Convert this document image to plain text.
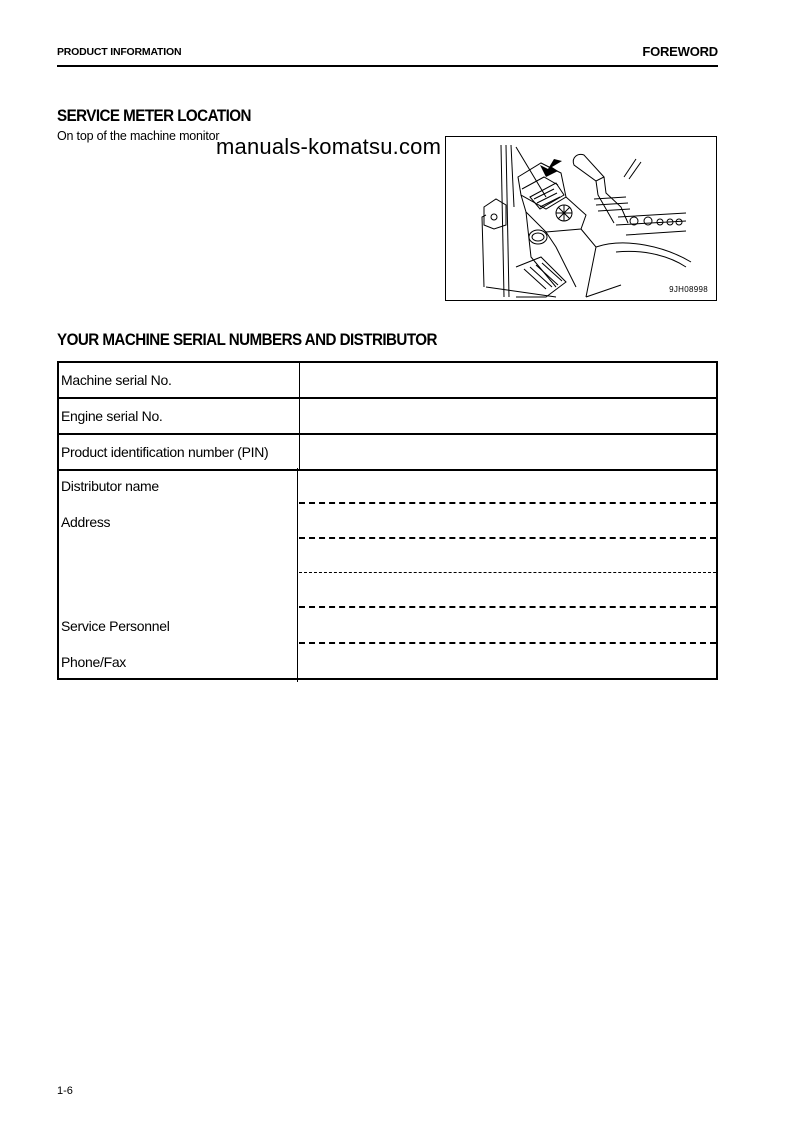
PRODUCT INFORMATION	FOREWORD
SERVICE METER LOCATION
On top of the machine monitor
manuals-komatsu.com
9JH08998
YOUR MACHINE SERIAL NUMBERS AND DISTRIBUTOR
Machine serial No.	
Engine serial No.	
Product identification number (PIN)	
Distributor name
Address
Service Personnel
Phone/Fax
1-6
